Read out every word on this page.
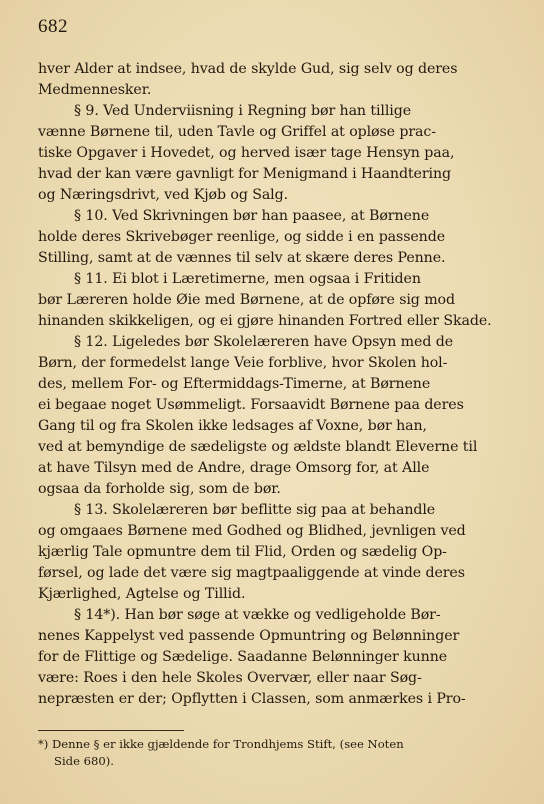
682
hver Alder at indsee, hvad de skylde Gud, sig selv og deres
Medmennesker.
§ 9. Ved Underviisning i Regning bør han tillige
vænne Børnene til, uden Tavle og Griffel at opløse prac-
tiske Opgaver i Hovedet, og herved især tage Hensyn paa,
hvad der kan være gavnligt for Menigmand i Haandtering
og Næringsdrivt, ved Kjøb og Salg.
§ 10. Ved Skrivningen bør han paasee, at Børnene
holde deres Skrivebøger reenlige, og sidde i en passende
Stilling, samt at de vænnes til selv at skære deres Penne.
§ 11. Ei blot i Læretimerne, men ogsaa i Fritiden
bør Læreren holde Øie med Børnene, at de opføre sig mod
hinanden skikkeligen, og ei gjøre hinanden Fortred eller Skade.
§ 12. Ligeledes bør Skolelæreren have Opsyn med de
Børn, der formedelst lange Veie forblive, hvor Skolen hol-
des, mellem For- og Eftermiddags-Timerne, at Børnene
ei begaae noget Usømmeligt. Forsaavidt Børnene paa deres
Gang til og fra Skolen ikke ledsages af Voxne, bør han,
ved at bemyndige de sædeligste og ældste blandt Eleverne til
at have Tilsyn med de Andre, drage Omsorg for, at Alle
ogsaa da forholde sig, som de bør.
§ 13. Skolelæreren bør beflitte sig paa at behandle
og omgaaes Børnene med Godhed og Blidhed, jevnligen ved
kjærlig Tale opmuntre dem til Flid, Orden og sædelig Op-
førsel, og lade det være sig magtpaaliggende at vinde deres
Kjærlighed, Agtelse og Tillid.
§ 14*). Han bør søge at vække og vedligeholde Bør-
nenes Kappelyst ved passende Opmuntring og Belønninger
for de Flittige og Sædelige. Saadanne Belønninger kunne
være: Roes i den hele Skoles Overvær, eller naar Søg-
nepræsten er der; Opflytten i Classen, som anmærkes i Pro-
*) Denne § er ikke gjældende for Trondhjems Stift, (see Noten
Side 680).
